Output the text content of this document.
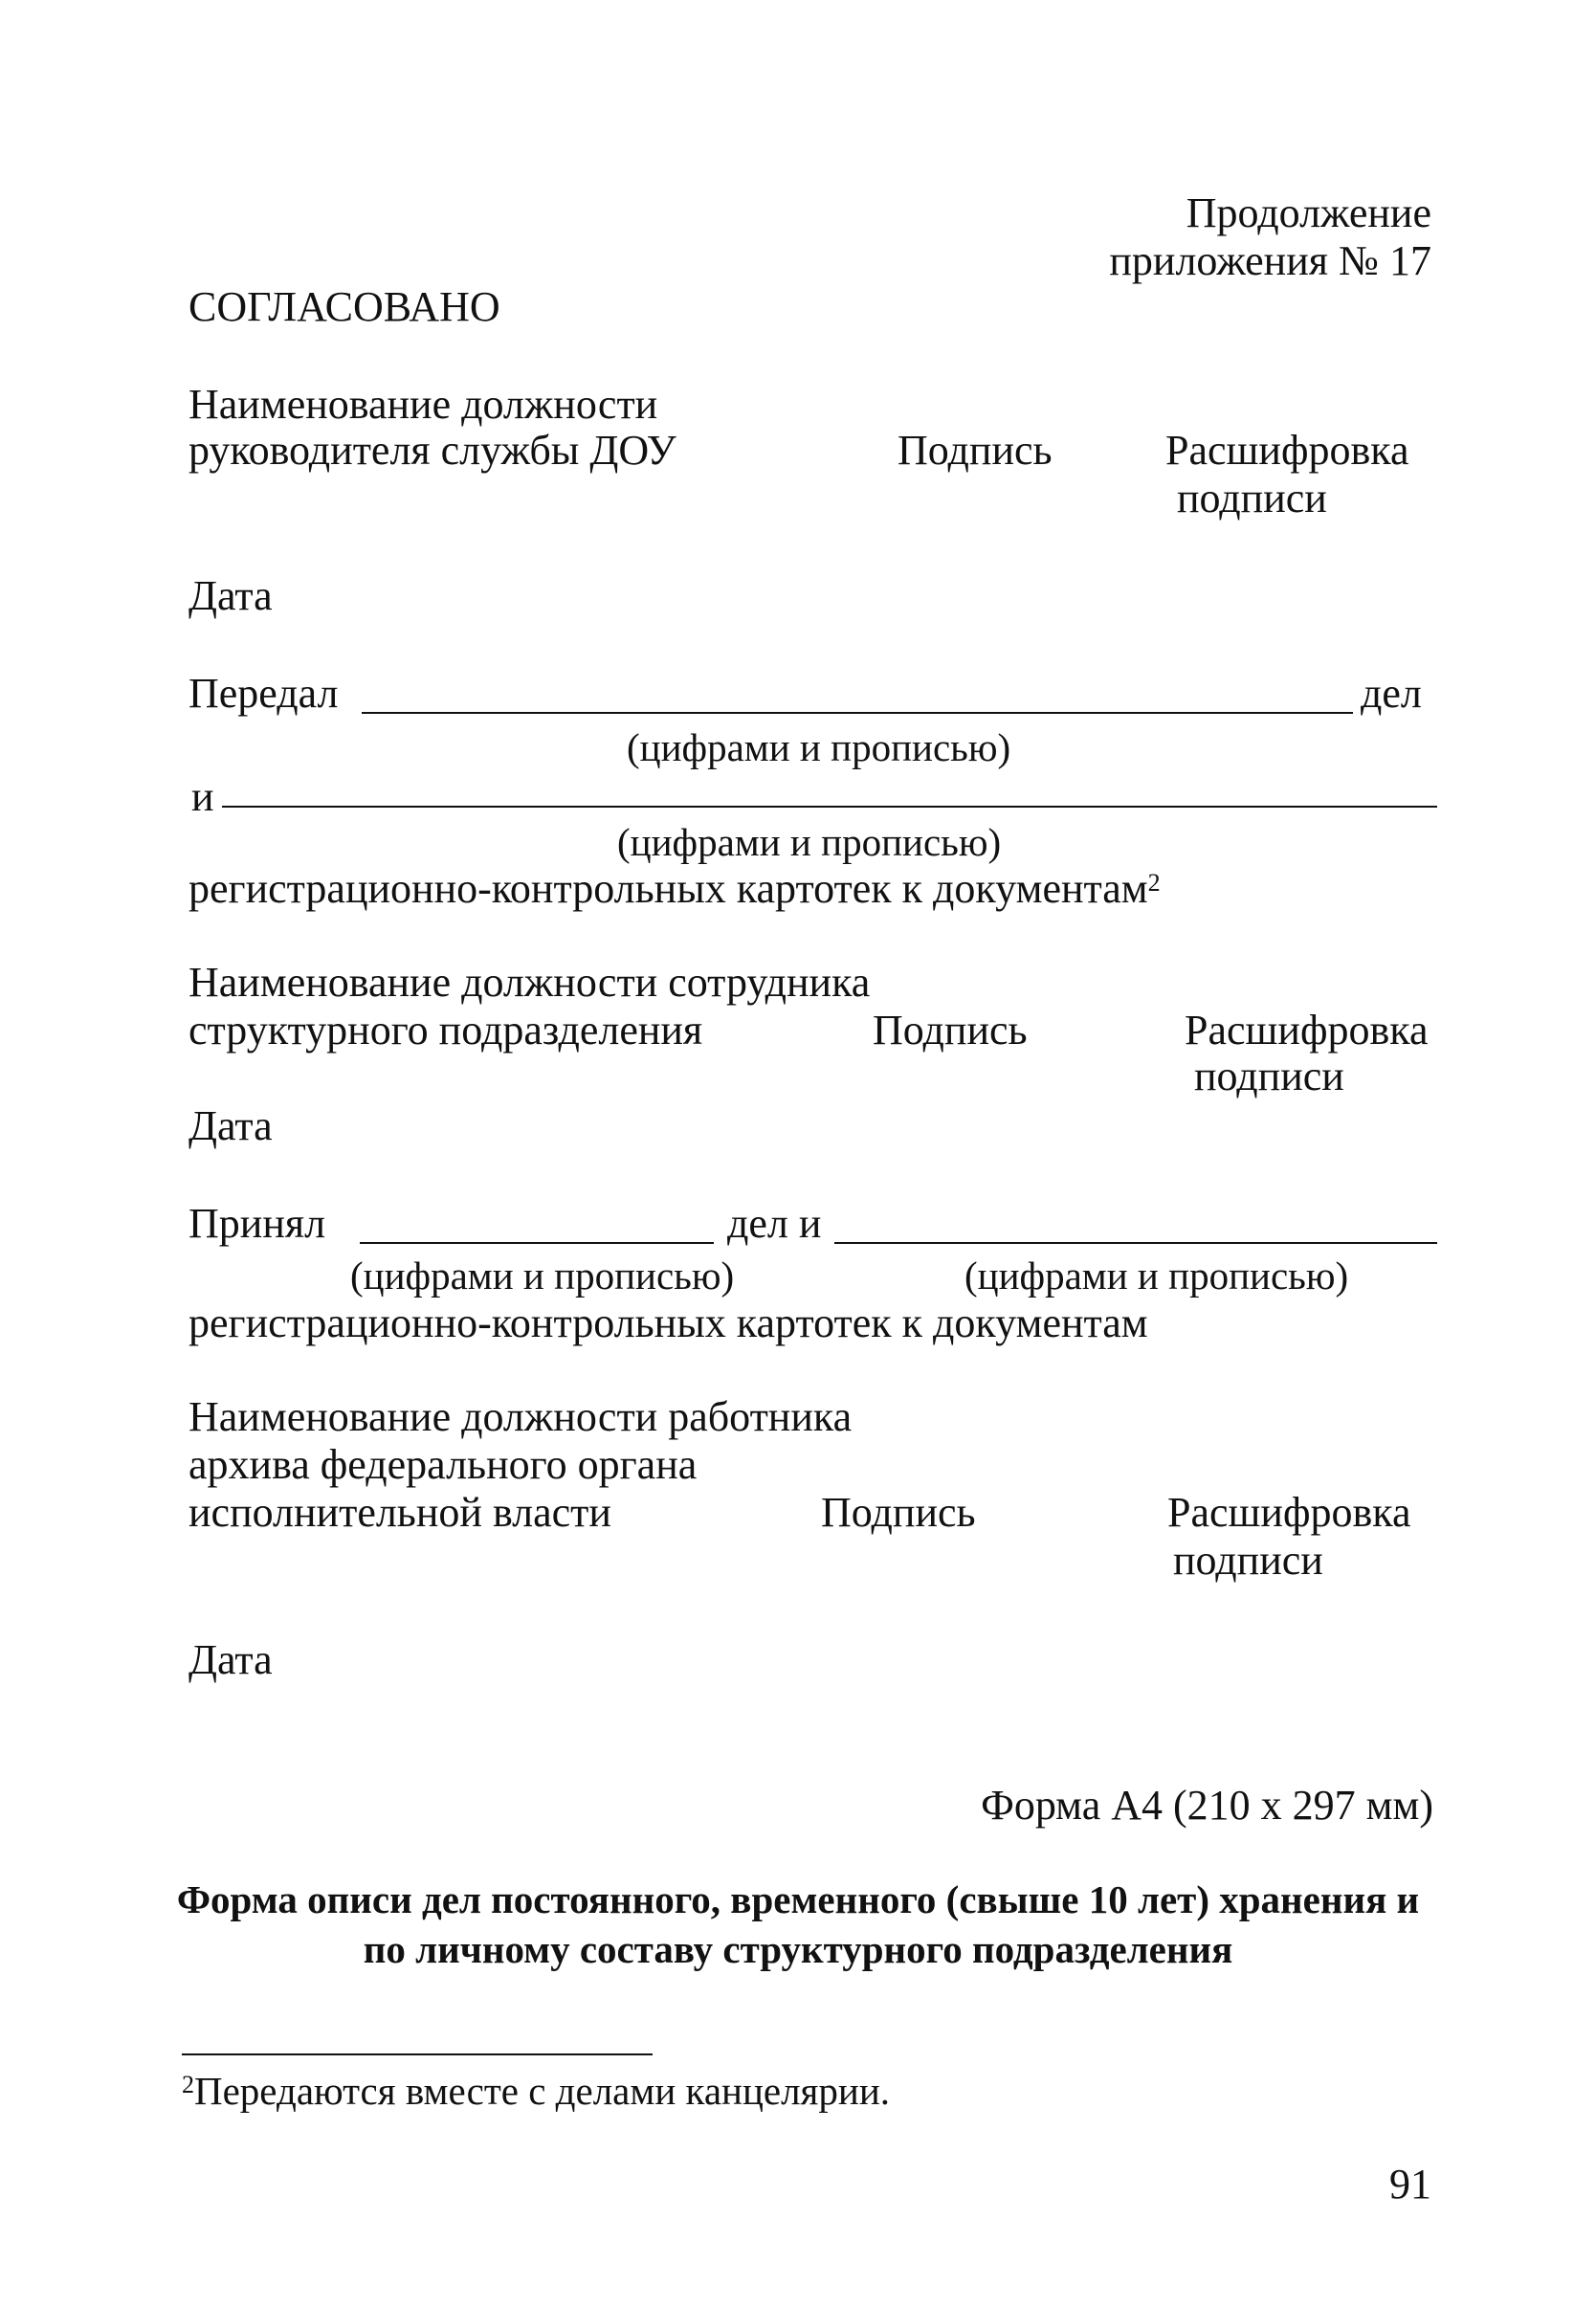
Продолжение
приложения № 17
СОГЛАСОВАНО
Наименование должности
руководителя службы ДОУ	Подпись	Расшифровка
подписи
Дата
Передал	дел
(цифрами и прописью)
и
(цифрами и прописью)
регистрационно-контрольных картотек к документам$^2$
Наименование должности сотрудника
структурного подразделения	Подпись	Расшифровка
подписи
Дата
Принял	дел и
(цифрами и прописью)	(цифрами и прописью)
регистрационно-контрольных картотек к документам
Наименование должности работника
архива федерального органа
исполнительной власти	Подпись	Расшифровка
подписи
Дата
Форма А4 (210 х 297 мм)
Форма описи дел постоянного, временного (свыше 10 лет) хранения и
по личному составу структурного подразделения
$^2$Передаются вместе с делами канцелярии.
91
